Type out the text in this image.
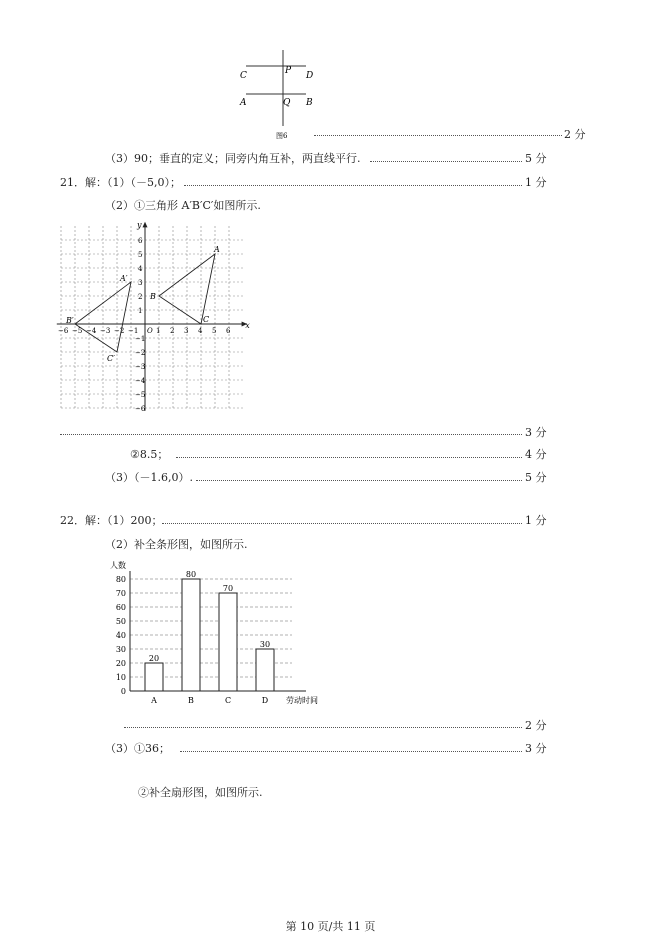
C	P D
A	Q B
图6	2 分
（3）90；垂直的定义；同旁内角互补，两直线平行.	5 分
21．解：（1）（－5,0）；	1 分
（2）①三角形 A′B′C′如图所示.
x
y
−6 −5 −4 −3 −2 −1 O 1 2 3 4 5 6
6
5
4
3
2
1
−1
−2
−3
−4
−5
−6
A
B
C
A′
B′
C′
3 分
②8.5；	4 分
（3）（－1.6,0）.	5 分
22．解：（1）200；	1 分
（2）补全条形图，如图所示.
人数
0
10
20
30
40
50
60
70
80
20
A
80
B
70
C
30
D 劳动时间
2 分
（3）①36；	3 分
②补全扇形图，如图所示.
第 10 页/共 11 页
